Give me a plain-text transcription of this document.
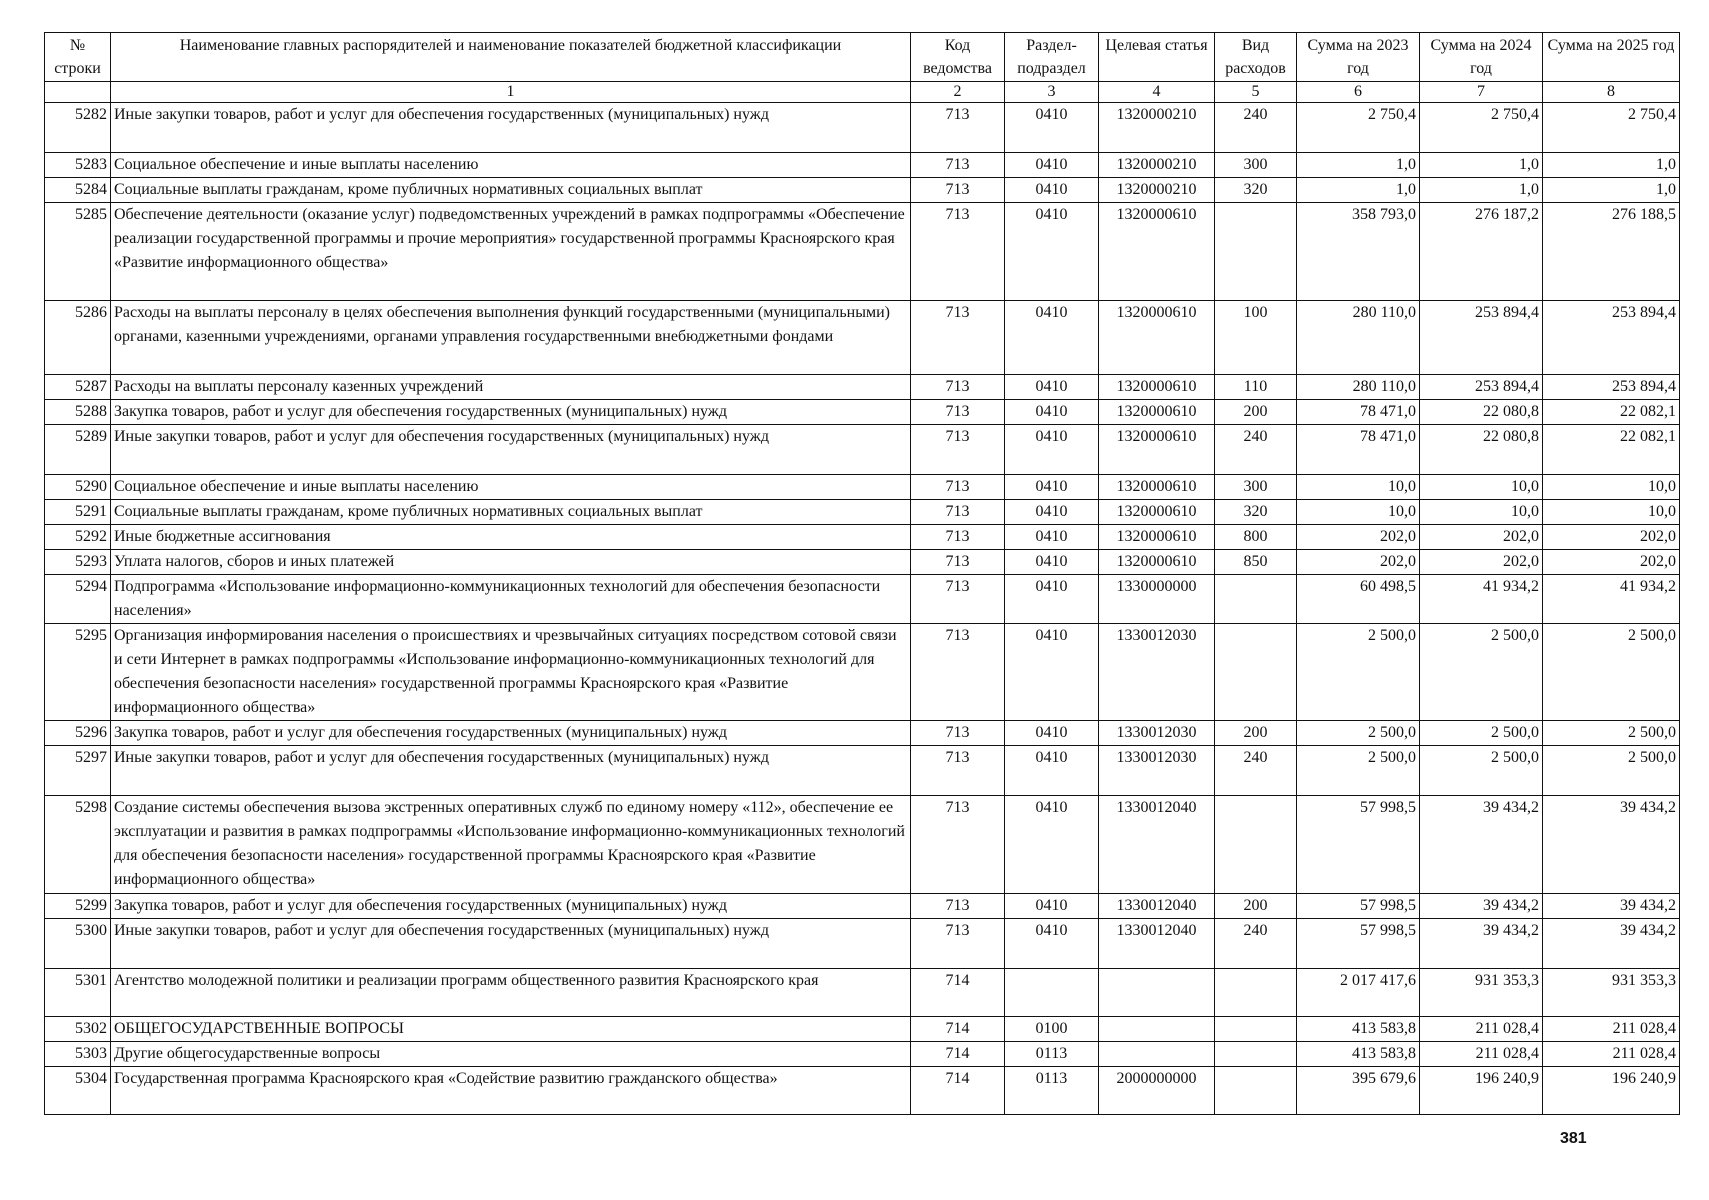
№ строки	Наименование главных распорядителей и наименование показателей бюджетной классификации	Код ведомства	Раздел-подраздел	Целевая статья	Вид расходов	Сумма на 2023 год	Сумма на 2024 год	Сумма на 2025 год
	1	2	3	4	5	6	7	8
5282	Иные закупки товаров, работ и услуг для обеспечения государственных (муниципальных) нужд	713	0410	1320000210	240	2 750,4	2 750,4	2 750,4
5283	Социальное обеспечение и иные выплаты населению	713	0410	1320000210	300	1,0	1,0	1,0
5284	Социальные выплаты гражданам, кроме публичных нормативных социальных выплат	713	0410	1320000210	320	1,0	1,0	1,0
5285	Обеспечение деятельности (оказание услуг) подведомственных учреждений в рамках подпрограммы «Обеспечение реализации государственной программы и прочие мероприятия» государственной программы Красноярского края «Развитие информационного общества»	713	0410	1320000610		358 793,0	276 187,2	276 188,5
5286	Расходы на выплаты персоналу в целях обеспечения выполнения функций государственными (муниципальными) органами, казенными учреждениями, органами управления государственными внебюджетными фондами	713	0410	1320000610	100	280 110,0	253 894,4	253 894,4
5287	Расходы на выплаты персоналу казенных учреждений	713	0410	1320000610	110	280 110,0	253 894,4	253 894,4
5288	Закупка товаров, работ и услуг для обеспечения государственных (муниципальных) нужд	713	0410	1320000610	200	78 471,0	22 080,8	22 082,1
5289	Иные закупки товаров, работ и услуг для обеспечения государственных (муниципальных) нужд	713	0410	1320000610	240	78 471,0	22 080,8	22 082,1
5290	Социальное обеспечение и иные выплаты населению	713	0410	1320000610	300	10,0	10,0	10,0
5291	Социальные выплаты гражданам, кроме публичных нормативных социальных выплат	713	0410	1320000610	320	10,0	10,0	10,0
5292	Иные бюджетные ассигнования	713	0410	1320000610	800	202,0	202,0	202,0
5293	Уплата налогов, сборов и иных платежей	713	0410	1320000610	850	202,0	202,0	202,0
5294	Подпрограмма «Использование информационно-коммуникационных технологий для обеспечения безопасности населения»	713	0410	1330000000		60 498,5	41 934,2	41 934,2
5295	Организация информирования населения о происшествиях и чрезвычайных ситуациях посредством сотовой связи и сети Интернет в рамках подпрограммы «Использование информационно-коммуникационных технологий для обеспечения безопасности населения» государственной программы Красноярского края «Развитие информационного общества»	713	0410	1330012030		2 500,0	2 500,0	2 500,0
5296	Закупка товаров, работ и услуг для обеспечения государственных (муниципальных) нужд	713	0410	1330012030	200	2 500,0	2 500,0	2 500,0
5297	Иные закупки товаров, работ и услуг для обеспечения государственных (муниципальных) нужд	713	0410	1330012030	240	2 500,0	2 500,0	2 500,0
5298	Создание системы обеспечения вызова экстренных оперативных служб по единому номеру «112», обеспечение ее эксплуатации и развития в рамках подпрограммы «Использование информационно-коммуникационных технологий для обеспечения безопасности населения» государственной программы Красноярского края «Развитие информационного общества»	713	0410	1330012040		57 998,5	39 434,2	39 434,2
5299	Закупка товаров, работ и услуг для обеспечения государственных (муниципальных) нужд	713	0410	1330012040	200	57 998,5	39 434,2	39 434,2
5300	Иные закупки товаров, работ и услуг для обеспечения государственных (муниципальных) нужд	713	0410	1330012040	240	57 998,5	39 434,2	39 434,2
5301	Агентство молодежной политики и реализации программ общественного развития Красноярского края	714				2 017 417,6	931 353,3	931 353,3
5302	ОБЩЕГОСУДАРСТВЕННЫЕ ВОПРОСЫ	714	0100			413 583,8	211 028,4	211 028,4
5303	Другие общегосударственные вопросы	714	0113			413 583,8	211 028,4	211 028,4
5304	Государственная программа Красноярского края «Содействие развитию гражданского общества»	714	0113	2000000000		395 679,6	196 240,9	196 240,9
381
